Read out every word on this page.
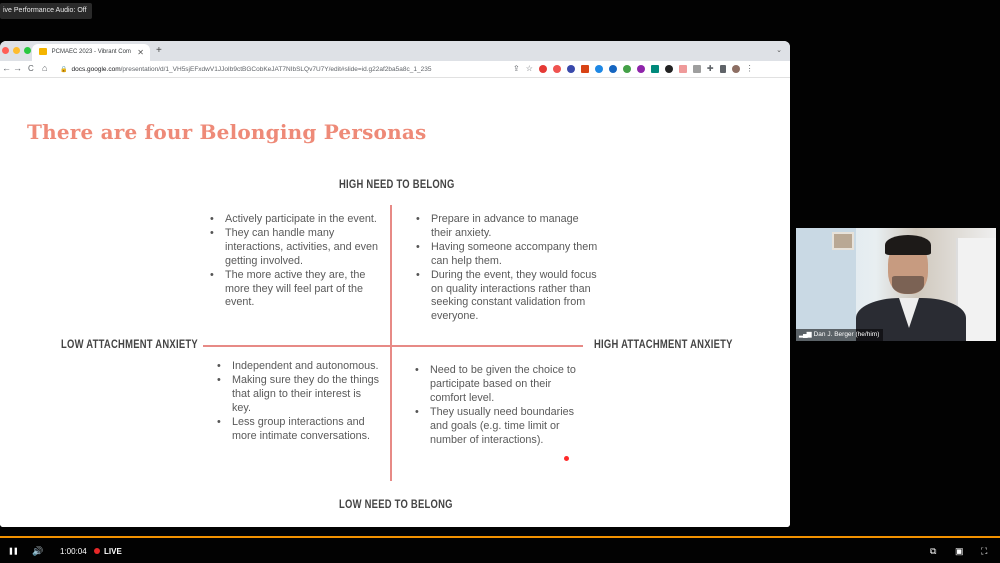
ive Performance Audio: Off
PCMAEC 2023 - Vibrant Com ✕ +	⌄
← → C ⌂ 🔒 docs.google.com/presentation/d/1_VH5sjEFxdwV1JJoIb9ctBGCobKeJAT7NIbSLQv7U7Y/edit#slide=id.g22af2ba5a8c_1_235	⇪ ☆	✚	⋮
There are four Belonging Personas
HIGH NEED TO BELONG
LOW NEED TO BELONG
LOW ATTACHMENT ANXIETY	HIGH ATTACHMENT ANXIETY
• Actively participate in the event.
• They can handle many interactions, activities, and even getting involved.
• The more active they are, the more they will feel part of the event.
• Prepare in advance to manage their anxiety.
• Having someone accompany them can help them.
• During the event, they would focus on quality interactions rather than seeking constant validation from everyone.
• Independent and autonomous.
• Making sure they do the things that align to their interest is key.
• Less group interactions and more intimate conversations.
• Need to be given the choice to participate based on their comfort level.
• They usually need boundaries and goals (e.g. time limit or number of interactions).
▂▄▆ Dan J. Berger (he/him)
❚❚ 🔊 1:00:04	LIVE	⧉ ▣ ⛶
